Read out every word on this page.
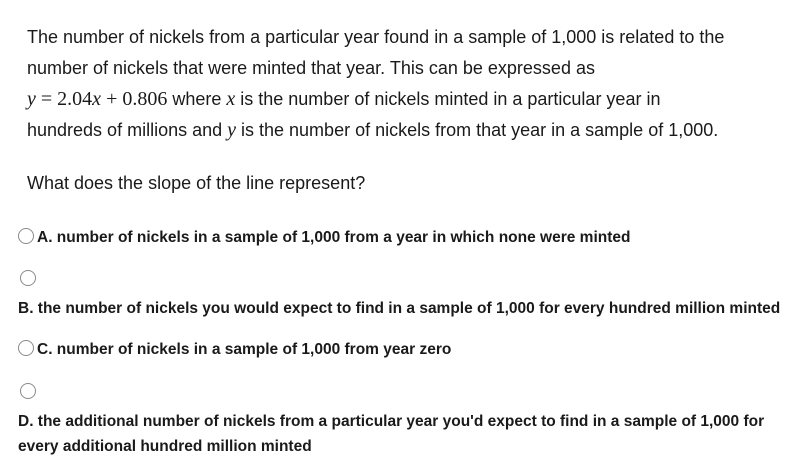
The number of nickels from a particular year found in a sample of 1,000 is related to the

number of nickels that were minted that year. This can be expressed as

y = 2.04x + 0.806 where x is the number of nickels minted in a particular year in

hundreds of millions and y is the number of nickels from that year in a sample of 1,000.

What does the slope of the line represent?
A. number of nickels in a sample of 1,000 from a year in which none were minted
B. the number of nickels you would expect to find in a sample of 1,000 for every hundred million minted
C. number of nickels in a sample of 1,000 from year zero
D. the additional number of nickels from a particular year you'd expect to find in a sample of 1,000 for every additional hundred million minted
